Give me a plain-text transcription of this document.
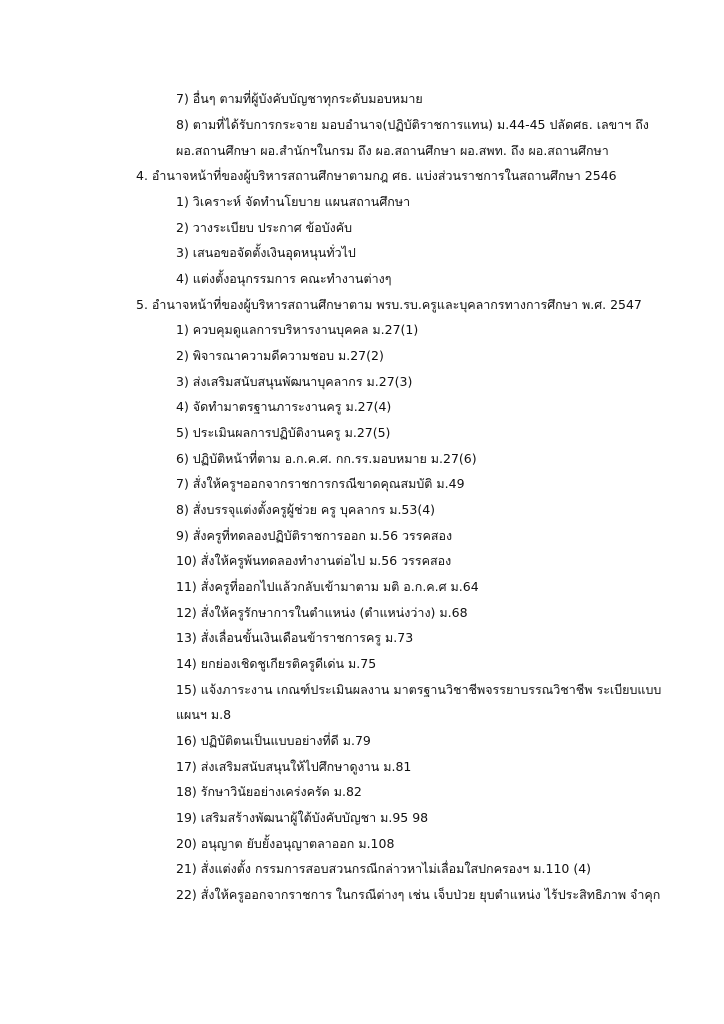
7) อื่นๆ ตามที่ผู้บังคับบัญชาทุกระดับมอบหมาย
8) ตามที่ได้รับการกระจาย มอบอำนาจ(ปฏิบัติราชการแทน) ม.44-45 ปลัดศธ. เลขาฯ ถึง
ผอ.สถานศึกษา ผอ.สำนักฯในกรม ถึง ผอ.สถานศึกษา ผอ.สพท. ถึง ผอ.สถานศึกษา
4. อำนาจหน้าที่ของผู้บริหารสถานศึกษาตามกฎ ศธ. แบ่งส่วนราชการในสถานศึกษา 2546
1) วิเคราะห์ จัดทำนโยบาย แผนสถานศึกษา
2) วางระเบียบ ประกาศ ข้อบังคับ
3) เสนอขอจัดตั้งเงินอุดหนุนทั่วไป
4) แต่งตั้งอนุกรรมการ คณะทำงานต่างๆ
5. อำนาจหน้าที่ของผู้บริหารสถานศึกษาตาม พรบ.รบ.ครูและบุคลากรทางการศึกษา พ.ศ. 2547
1) ควบคุมดูแลการบริหารงานบุคคล ม.27(1)
2) พิจารณาความดีความชอบ ม.27(2)
3) ส่งเสริมสนับสนุนพัฒนาบุคลากร ม.27(3)
4) จัดทำมาตรฐานภาระงานครู ม.27(4)
5) ประเมินผลการปฏิบัติงานครู ม.27(5)
6) ปฏิบัติหน้าที่ตาม อ.ก.ค.ศ. กก.รร.มอบหมาย ม.27(6)
7) สั่งให้ครูฯออกจากราชการกรณีขาดคุณสมบัติ ม.49
8) สั่งบรรจุแต่งตั้งครูผู้ช่วย ครู บุคลากร ม.53(4)
9) สั่งครูที่ทดลองปฏิบัติราชการออก ม.56 วรรคสอง
10) สั่งให้ครูพ้นทดลองทำงานต่อไป ม.56 วรรคสอง
11) สั่งครูที่ออกไปแล้วกลับเข้ามาตาม มติ อ.ก.ค.ศ ม.64
12) สั่งให้ครูรักษาการในตำแหน่ง (ตำแหน่งว่าง) ม.68
13) สั่งเลื่อนขั้นเงินเดือนข้าราชการครู ม.73
14) ยกย่องเชิดชูเกียรติครูดีเด่น ม.75
15) แจ้งภาระงาน เกณฑ์ประเมินผลงาน มาตรฐานวิชาชีพจรรยาบรรณวิชาชีพ ระเบียบแบบ
แผนฯ ม.8
16) ปฏิบัติตนเป็นแบบอย่างที่ดี ม.79
17) ส่งเสริมสนับสนุนให้ไปศึกษาดูงาน ม.81
18) รักษาวินัยอย่างเคร่งครัด ม.82
19) เสริมสร้างพัฒนาผู้ใต้บังคับบัญชา ม.95 98
20) อนุญาต ยับยั้งอนุญาตลาออก ม.108
21) สั่งแต่งตั้ง กรรมการสอบสวนกรณีกล่าวหาไม่เลื่อมใสปกครองฯ ม.110 (4)
22) สั่งให้ครูออกจากราชการ ในกรณีต่างๆ เช่น เจ็บป่วย ยุบตำแหน่ง ไร้ประสิทธิภาพ จำคุก
